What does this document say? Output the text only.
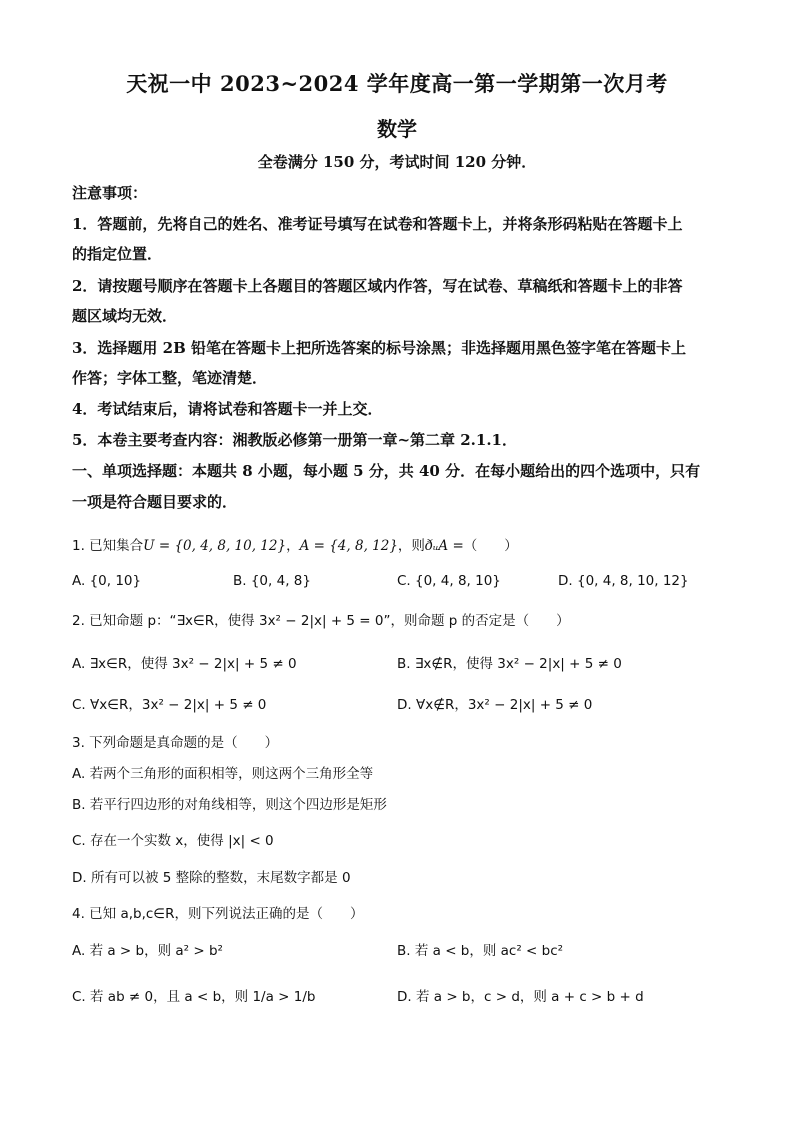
天祝一中 2023~2024 学年度高一第一学期第一次月考
数学
全卷满分 150 分，考试时间 120 分钟．
注意事项：
1．答题前，先将自己的姓名、准考证号填写在试卷和答题卡上，并将条形码粘贴在答题卡上
的指定位置．
2．请按题号顺序在答题卡上各题目的答题区域内作答，写在试卷、草稿纸和答题卡上的非答
题区域均无效．
3．选择题用 2B 铅笔在答题卡上把所选答案的标号涂黑；非选择题用黑色签字笔在答题卡上
作答；字体工整，笔迹清楚．
4．考试结束后，请将试卷和答题卡一并上交．
5．本卷主要考查内容：湘教版必修第一册第一章~第二章 2.1.1．
一、单项选择题：本题共 8 小题，每小题 5 分，共 40 分．在每小题给出的四个选项中，只有
一项是符合题目要求的．
1. 已知集合U = {0, 4, 8, 10, 12}，A = {4, 8, 12}，则ðᵤA =（　　）
A. {0, 10}	B. {0, 4, 8}	C. {0, 4, 8, 10}	D. {0, 4, 8, 10, 12}
2. 已知命题 p：“∃x∈R，使得 3x² − 2|x| + 5 = 0”，则命题 p 的否定是（　　）
A. ∃x∈R，使得 3x² − 2|x| + 5 ≠ 0	B. ∃x∉R，使得 3x² − 2|x| + 5 ≠ 0
C. ∀x∈R，3x² − 2|x| + 5 ≠ 0	D. ∀x∉R，3x² − 2|x| + 5 ≠ 0
3. 下列命题是真命题的是（　　）
A. 若两个三角形的面积相等，则这两个三角形全等
B. 若平行四边形的对角线相等，则这个四边形是矩形
C. 存在一个实数 x，使得 |x| < 0
D. 所有可以被 5 整除的整数，末尾数字都是 0
4. 已知 a,b,c∈R，则下列说法正确的是（　　）
A. 若 a > b，则 a² > b²	B. 若 a < b，则 ac² < bc²
C. 若 ab ≠ 0，且 a < b，则 1/a > 1/b	D. 若 a > b，c > d，则 a + c > b + d
